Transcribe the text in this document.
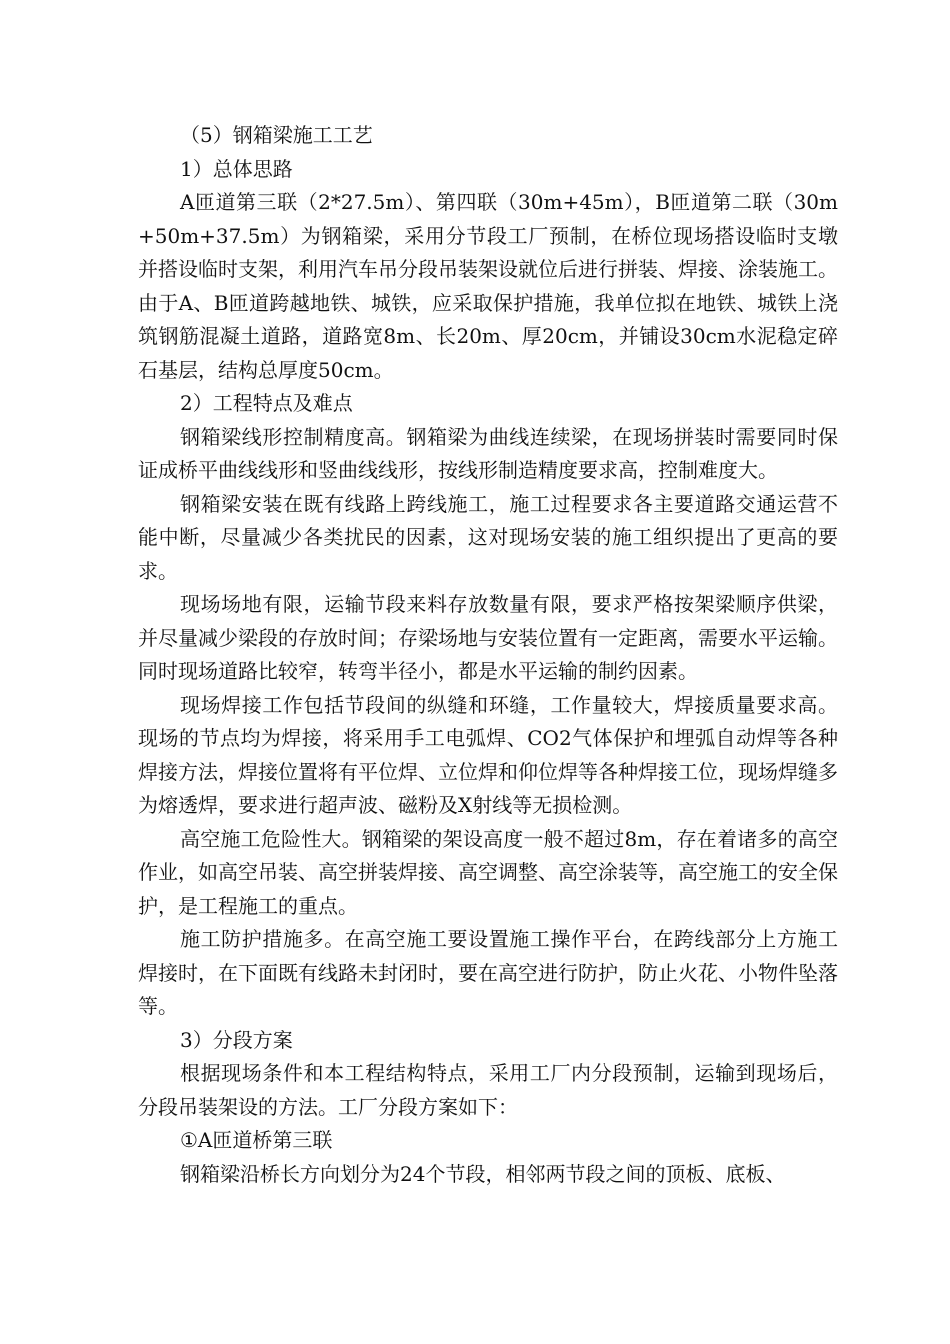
（5）钢箱梁施工工艺

1）总体思路

A匝道第三联（2*27.5m）、第四联（30m+45m），B匝道第二联（30m+50m+37.5m）为钢箱梁，采用分节段工厂预制，在桥位现场搭设临时支墩并搭设临时支架，利用汽车吊分段吊装架设就位后进行拼装、焊接、涂装施工。由于A、B匝道跨越地铁、城铁，应采取保护措施，我单位拟在地铁、城铁上浇筑钢筋混凝土道路，道路宽8m、长20m、厚20cm，并铺设30cm水泥稳定碎石基层，结构总厚度50cm。

2）工程特点及难点

钢箱梁线形控制精度高。钢箱梁为曲线连续梁，在现场拼装时需要同时保证成桥平曲线线形和竖曲线线形，按线形制造精度要求高，控制难度大。

钢箱梁安装在既有线路上跨线施工，施工过程要求各主要道路交通运营不能中断，尽量减少各类扰民的因素，这对现场安装的施工组织提出了更高的要求。

现场场地有限，运输节段来料存放数量有限，要求严格按架梁顺序供梁，并尽量减少梁段的存放时间；存梁场地与安装位置有一定距离，需要水平运输。同时现场道路比较窄，转弯半径小，都是水平运输的制约因素。

现场焊接工作包括节段间的纵缝和环缝，工作量较大，焊接质量要求高。现场的节点均为焊接，将采用手工电弧焊、CO2气体保护和埋弧自动焊等各种焊接方法，焊接位置将有平位焊、立位焊和仰位焊等各种焊接工位，现场焊缝多为熔透焊，要求进行超声波、磁粉及X射线等无损检测。

高空施工危险性大。钢箱梁的架设高度一般不超过8m，存在着诸多的高空作业，如高空吊装、高空拼装焊接、高空调整、高空涂装等，高空施工的安全保护，是工程施工的重点。

施工防护措施多。在高空施工要设置施工操作平台，在跨线部分上方施工焊接时，在下面既有线路未封闭时，要在高空进行防护，防止火花、小物件坠落等。

3）分段方案

根据现场条件和本工程结构特点，采用工厂内分段预制，运输到现场后，分段吊装架设的方法。工厂分段方案如下：

①A匝道桥第三联

钢箱梁沿桥长方向划分为24个节段，相邻两节段之间的顶板、底板、
